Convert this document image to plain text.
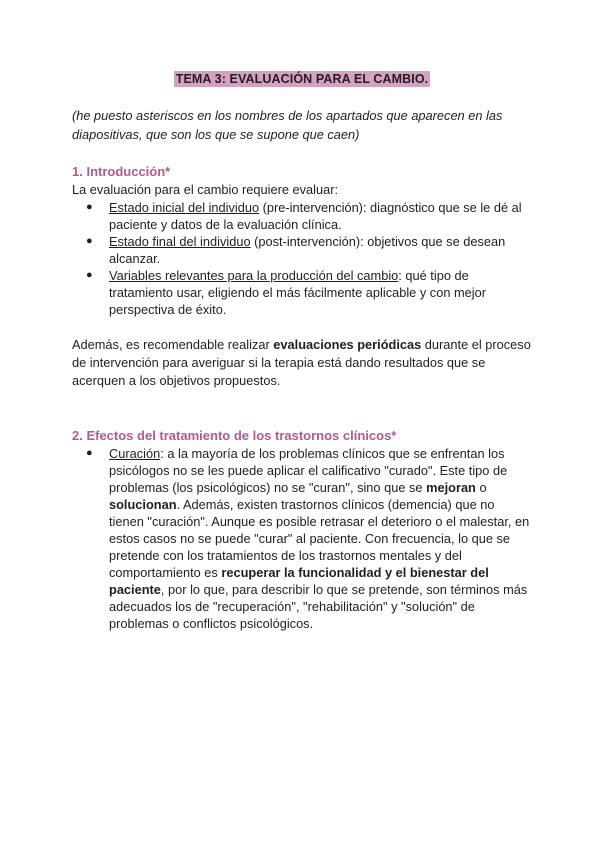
TEMA 3: EVALUACIÓN PARA EL CAMBIO.

(he puesto asteriscos en los nombres de los apartados que aparecen en las diapositivas, que son los que se supone que caen)

1. Introducción*

La evaluación para el cambio requiere evaluar:

● Estado inicial del individuo (pre-intervención): diagnóstico que se le dé al paciente y datos de la evaluación clínica.
● Estado final del individuo (post-intervención): objetivos que se desean alcanzar.
● Variables relevantes para la producción del cambio: qué tipo de tratamiento usar, eligiendo el más fácilmente aplicable y con mejor perspectiva de éxito.

Además, es recomendable realizar evaluaciones periódicas durante el proceso de intervención para averiguar si la terapia está dando resultados que se acerquen a los objetivos propuestos.

2. Efectos del tratamiento de los trastornos clínicos*
● Curación: a la mayoría de los problemas clínicos que se enfrentan los psicólogos no se les puede aplicar el calificativo "curado". Este tipo de problemas (los psicológicos) no se "curan", sino que se mejoran o solucionan. Además, existen trastornos clínicos (demencia) que no tienen "curación". Aunque es posible retrasar el deterioro o el malestar, en estos casos no se puede "curar" al paciente. Con frecuencia, lo que se pretende con los tratamientos de los trastornos mentales y del comportamiento es recuperar la funcionalidad y el bienestar del paciente, por lo que, para describir lo que se pretende, son términos más adecuados los de "recuperación", "rehabilitación" y "solución" de problemas o conflictos psicológicos.
